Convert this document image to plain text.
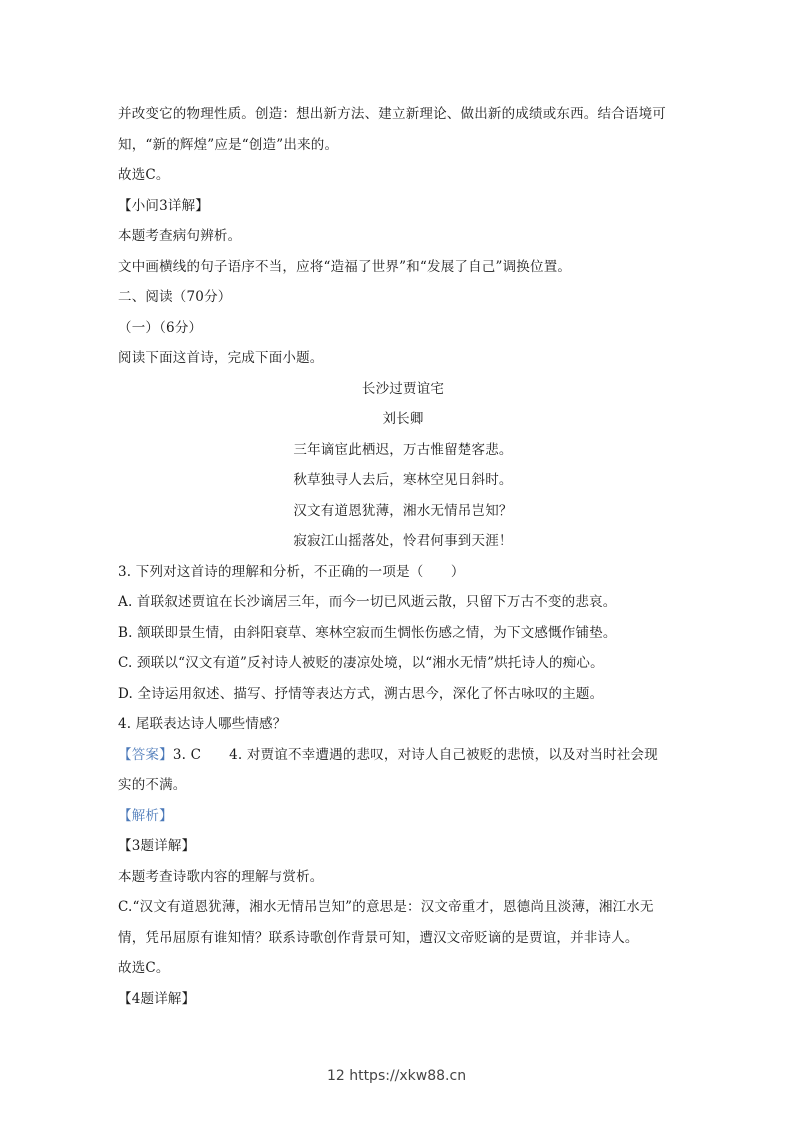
并改变它的物理性质。创造：想出新方法、建立新理论、做出新的成绩或东西。结合语境可
知，“新的辉煌”应是“创造”出来的。
故选C。
【小问3详解】
本题考查病句辨析。
文中画横线的句子语序不当，应将“造福了世界”和“发展了自己”调换位置。
二、阅读（70分）
（一）（6分）
阅读下面这首诗，完成下面小题。
长沙过贾谊宅
刘长卿
三年谪宦此栖迟，万古惟留楚客悲。
秋草独寻人去后，寒林空见日斜时。
汉文有道恩犹薄，湘水无情吊岂知？
寂寂江山摇落处，怜君何事到天涯！
3. 下列对这首诗的理解和分析，不正确的一项是（　　）
A. 首联叙述贾谊在长沙谪居三年，而今一切已风逝云散，只留下万古不变的悲哀。
B. 颔联即景生情，由斜阳衰草、寒林空寂而生惆怅伤感之情，为下文感慨作铺垫。
C. 颈联以“汉文有道”反衬诗人被贬的凄凉处境，以“湘水无情”烘托诗人的痴心。
D. 全诗运用叙述、描写、抒情等表达方式，溯古思今，深化了怀古咏叹的主题。
4. 尾联表达诗人哪些情感？
【答案】3. C 4. 对贾谊不幸遭遇的悲叹，对诗人自己被贬的悲愤，以及对当时社会现
实的不满。
【解析】
【3题详解】
本题考查诗歌内容的理解与赏析。
C.“汉文有道恩犹薄，湘水无情吊岂知”的意思是：汉文帝重才，恩德尚且淡薄，湘江水无
情，凭吊屈原有谁知情？联系诗歌创作背景可知，遭汉文帝贬谪的是贾谊，并非诗人。
故选C。
【4题详解】
12 https://xkw88.cn
